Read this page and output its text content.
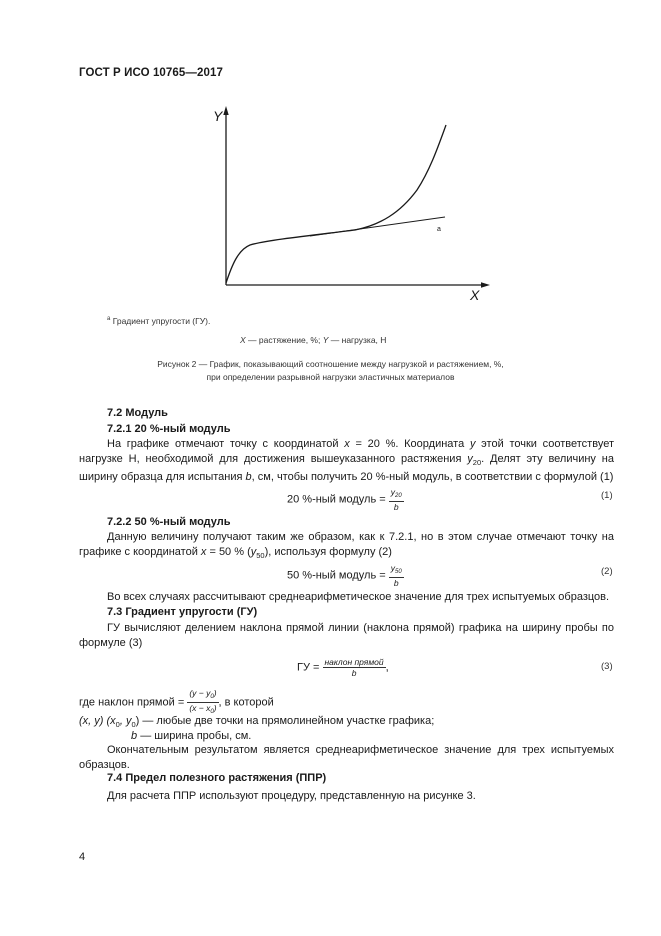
ГОСТ Р ИСО 10765—2017
Y
X
а
$^а$ Градиент упругости (ГУ).
X — растяжение, %; Y — нагрузка, Н
Рисунок 2 — График, показывающий соотношение между нагрузкой и растяжением, %,
при определении разрывной нагрузки эластичных материалов
7.2 Модуль
7.2.1 20 %-ный модуль
На графике отмечают точку с координатой x = 20 %. Координата y этой точки соответствует нагрузке Н, необходимой для достижения вышеуказанного растяжения $y_{20}$. Делят эту величину на ширину образца для испытания b, см, чтобы получить 20 %-ный модуль, в соответствии с формулой (1)
20 %-ный модуль = $\frac{y_{20}}{b}$	(1)
7.2.2 50 %-ный модуль
Данную величину получают таким же образом, как к 7.2.1, но в этом случае отмечают точку на графике с координатой x = 50 % $(y_{50})$, используя формулу (2)
50 %-ный модуль = $\frac{y_{50}}{b}$	(2)
Во всех случаях рассчитывают среднеарифметическое значение для трех испытуемых образцов.
7.3 Градиент упругости (ГУ)
ГУ вычисляют делением наклона прямой линии (наклона прямой) графика на ширину пробы по формуле (3)
ГУ = $\frac{\text{наклон прямой}}{b}$ ,	(3)
где наклон прямой = $\frac{(y - y_0)}{(x - x_0)}$ , в которой
(x, y) ($x_0$, $y_0$) — любые две точки на прямолинейном участке графика;
b — ширина пробы, см.
Окончательным результатом является среднеарифметическое значение для трех испытуемых образцов.
7.4 Предел полезного растяжения (ППР)
Для расчета ППР используют процедуру, представленную на рисунке 3.
4
